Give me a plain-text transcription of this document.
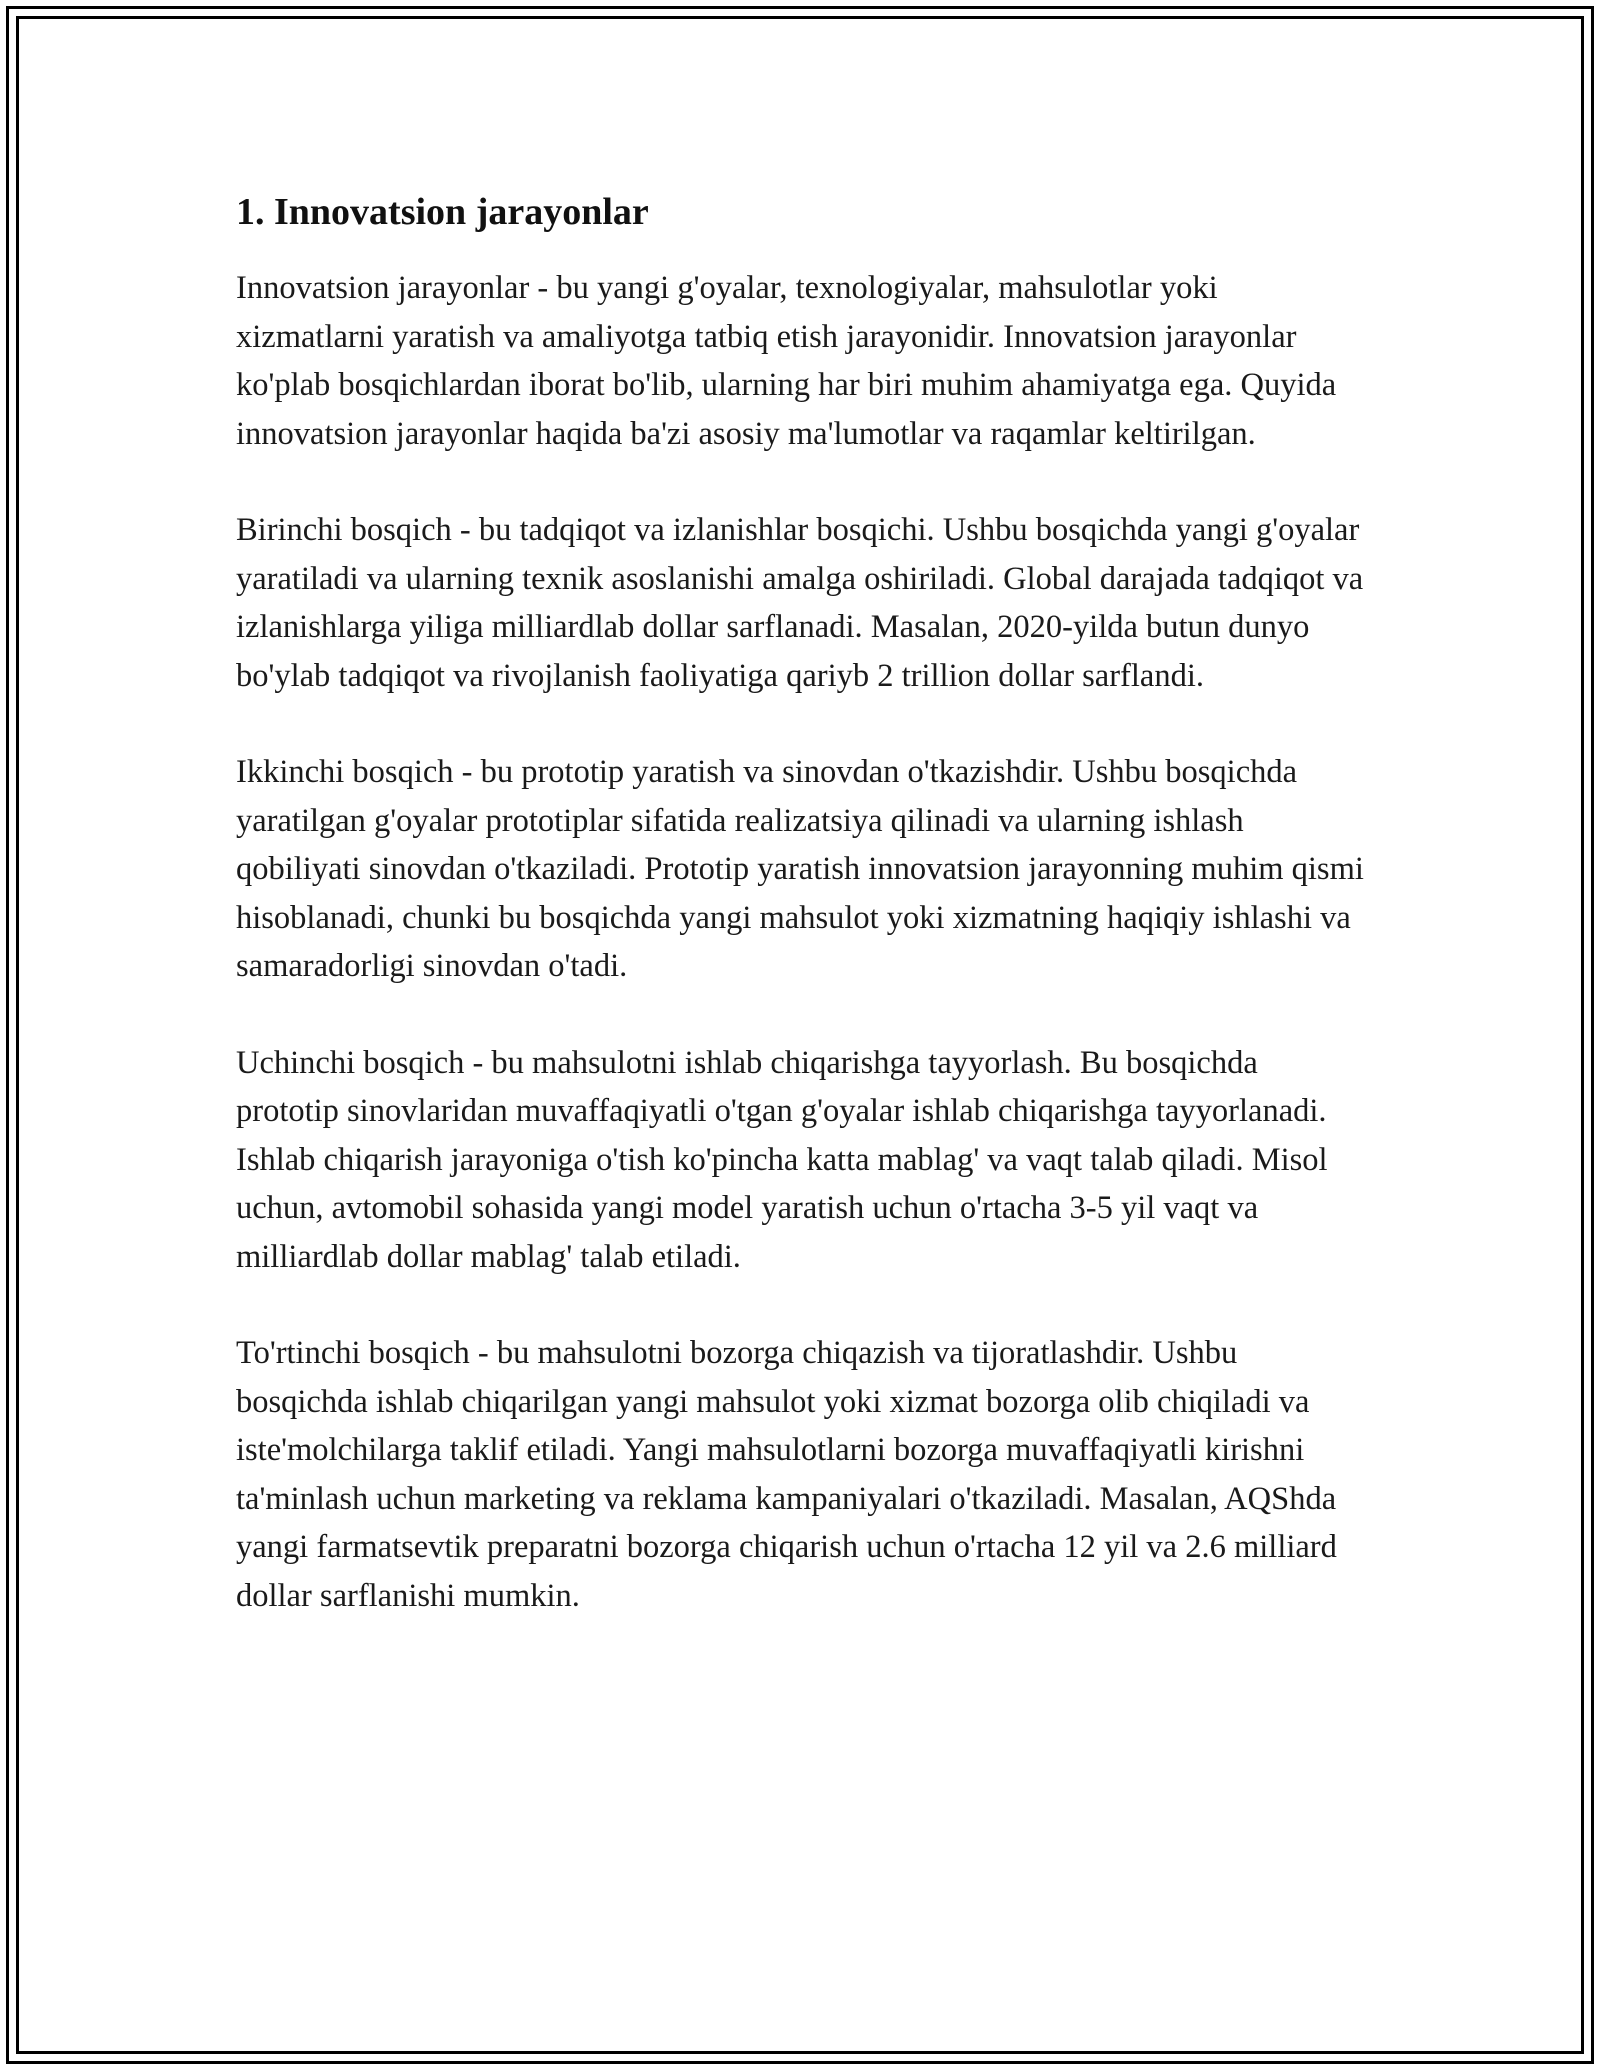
1. Innovatsion jarayonlar

Innovatsion jarayonlar - bu yangi g'oyalar, texnologiyalar, mahsulotlar yoki xizmatlarni yaratish va amaliyotga tatbiq etish jarayonidir. Innovatsion jarayonlar ko'plab bosqichlardan iborat bo'lib, ularning har biri muhim ahamiyatga ega. Quyida innovatsion jarayonlar haqida ba'zi asosiy ma'lumotlar va raqamlar keltirilgan.

Birinchi bosqich - bu tadqiqot va izlanishlar bosqichi. Ushbu bosqichda yangi g'oyalar yaratiladi va ularning texnik asoslanishi amalga oshiriladi. Global darajada tadqiqot va izlanishlarga yiliga milliardlab dollar sarflanadi. Masalan, 2020-yilda butun dunyo bo'ylab tadqiqot va rivojlanish faoliyatiga qariyb 2 trillion dollar sarflandi.

Ikkinchi bosqich - bu prototip yaratish va sinovdan o'tkazishdir. Ushbu bosqichda yaratilgan g'oyalar prototiplar sifatida realizatsiya qilinadi va ularning ishlash qobiliyati sinovdan o'tkaziladi. Prototip yaratish innovatsion jarayonning muhim qismi hisoblanadi, chunki bu bosqichda yangi mahsulot yoki xizmatning haqiqiy ishlashi va samaradorligi sinovdan o'tadi.

Uchinchi bosqich - bu mahsulotni ishlab chiqarishga tayyorlash. Bu bosqichda prototip sinovlaridan muvaffaqiyatli o'tgan g'oyalar ishlab chiqarishga tayyorlanadi. Ishlab chiqarish jarayoniga o'tish ko'pincha katta mablag' va vaqt talab qiladi. Misol uchun, avtomobil sohasida yangi model yaratish uchun o'rtacha 3-5 yil vaqt va milliardlab dollar mablag' talab etiladi.

To'rtinchi bosqich - bu mahsulotni bozorga chiqazish va tijoratlashdir. Ushbu bosqichda ishlab chiqarilgan yangi mahsulot yoki xizmat bozorga olib chiqiladi va iste'molchilarga taklif etiladi. Yangi mahsulotlarni bozorga muvaffaqiyatli kirishni ta'minlash uchun marketing va reklama kampaniyalari o'tkaziladi. Masalan, AQShda yangi farmatsevtik preparatni bozorga chiqarish uchun o'rtacha 12 yil va 2.6 milliard dollar sarflanishi mumkin.
